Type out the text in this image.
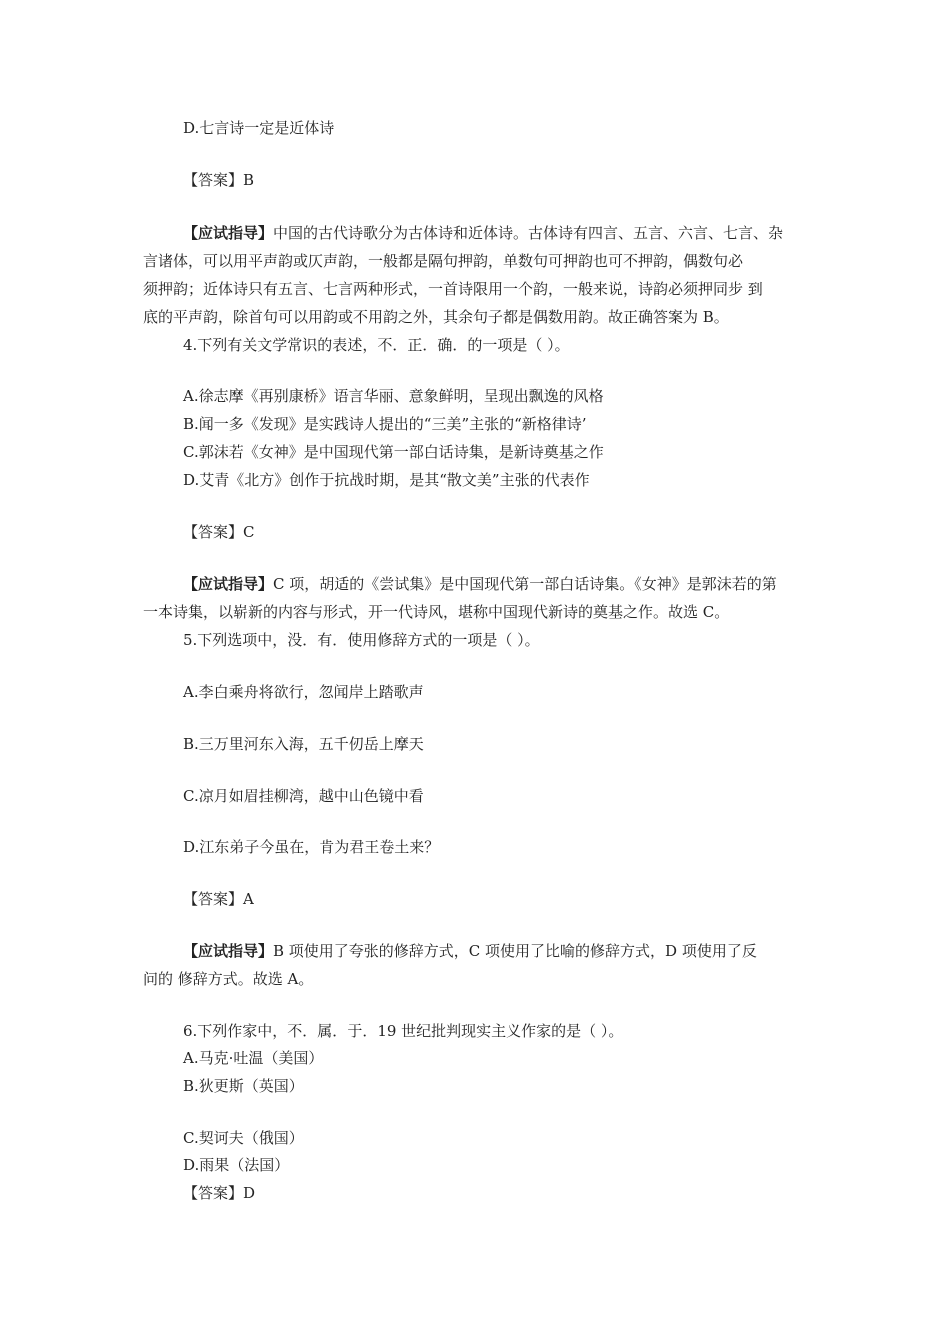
D.七言诗一定是近体诗
【答案】B
【应试指导】中国的古代诗歌分为古体诗和近体诗。古体诗有四言、五言、六言、七言、杂
言诸体，可以用平声韵或仄声韵，一般都是隔句押韵，单数句可押韵也可不押韵，偶数句必
须押韵；近体诗只有五言、七言两种形式，一首诗限用一个韵，一般来说，诗韵必须押同步 到
底的平声韵，除首句可以用韵或不用韵之外，其余句子都是偶数用韵。故正确答案为 B。
4.下列有关文学常识的表述，不．正．确．的一项是（ ）。
A.徐志摩《再别康桥》语言华丽、意象鲜明，呈现出飘逸的风格
B.闻一多《发现》是实践诗人提出的“三美”主张的“新格律诗’
C.郭沫若《女神》是中国现代第一部白话诗集，是新诗奠基之作
D.艾青《北方》创作于抗战时期，是其“散文美”主张的代表作
【答案】C
【应试指导】C 项，胡适的《尝试集》是中国现代第一部白话诗集。《女神》是郭沫若的第
一本诗集，以崭新的内容与形式，开一代诗风，堪称中国现代新诗的奠基之作。故选 C。
5.下列选项中，没．有．使用修辞方式的一项是（ ）。
A.李白乘舟将欲行，忽闻岸上踏歌声
B.三万里河东入海，五千仞岳上摩天
C.凉月如眉挂柳湾，越中山色镜中看
D.江东弟子今虽在，肯为君王卷土来？
【答案】A
【应试指导】B 项使用了夸张的修辞方式，C 项使用了比喻的修辞方式，D 项使用了反
问的 修辞方式。故选 A。
6.下列作家中，不．属．于．19 世纪批判现实主义作家的是（ ）。
A.马克·吐温（美国）
B.狄更斯（英国）
C.契诃夫（俄国）
D.雨果（法国）
【答案】D
